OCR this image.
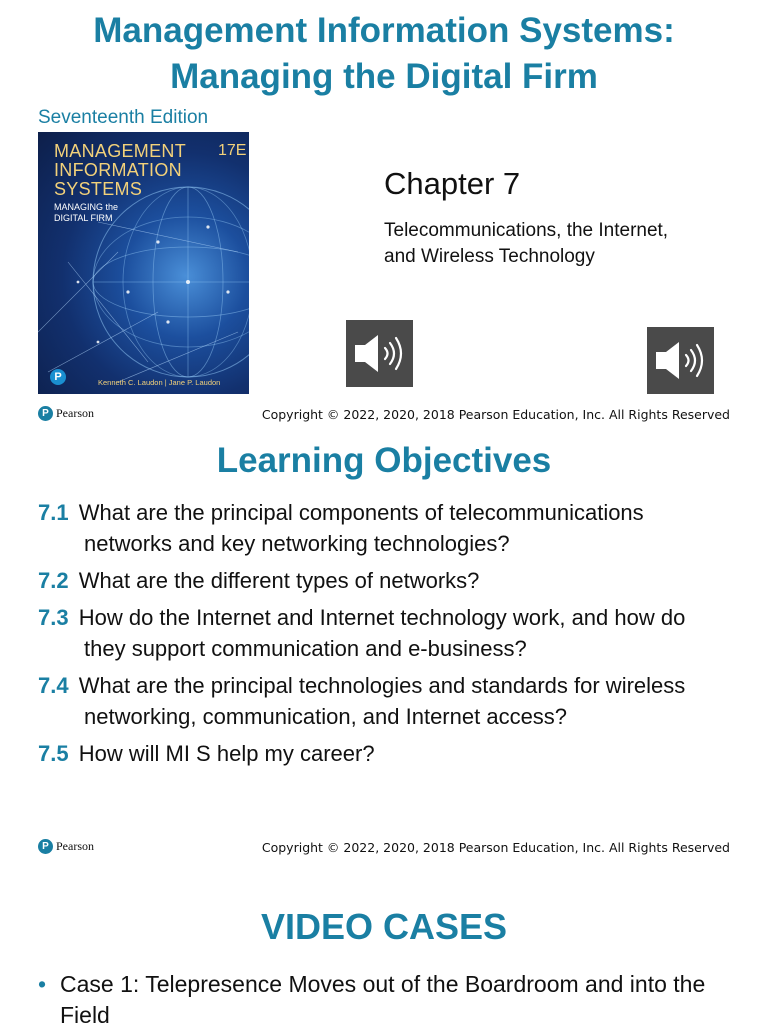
Management Information Systems:
Managing the Digital Firm
Seventeenth Edition
MANAGEMENT
INFORMATION
SYSTEMS
17E
MANAGING the
DIGITAL FIRM
P	Kenneth C. Laudon | Jane P. Laudon
Chapter 7
Telecommunications, the Internet,
and Wireless Technology
P Pearson	Copyright © 2022, 2020, 2018 Pearson Education, Inc. All Rights Reserved
Learning Objectives
7.1 What are the principal components of telecommunications networks and key networking technologies?
7.2 What are the different types of networks?
7.3 How do the Internet and Internet technology work, and how do they support communication and e-business?
7.4 What are the principal technologies and standards for wireless networking, communication, and Internet access?
7.5 How will MI S help my career?
P Pearson	Copyright © 2022, 2020, 2018 Pearson Education, Inc. All Rights Reserved
VIDEO CASES
• Case 1: Telepresence Moves out of the Boardroom and into the Field
